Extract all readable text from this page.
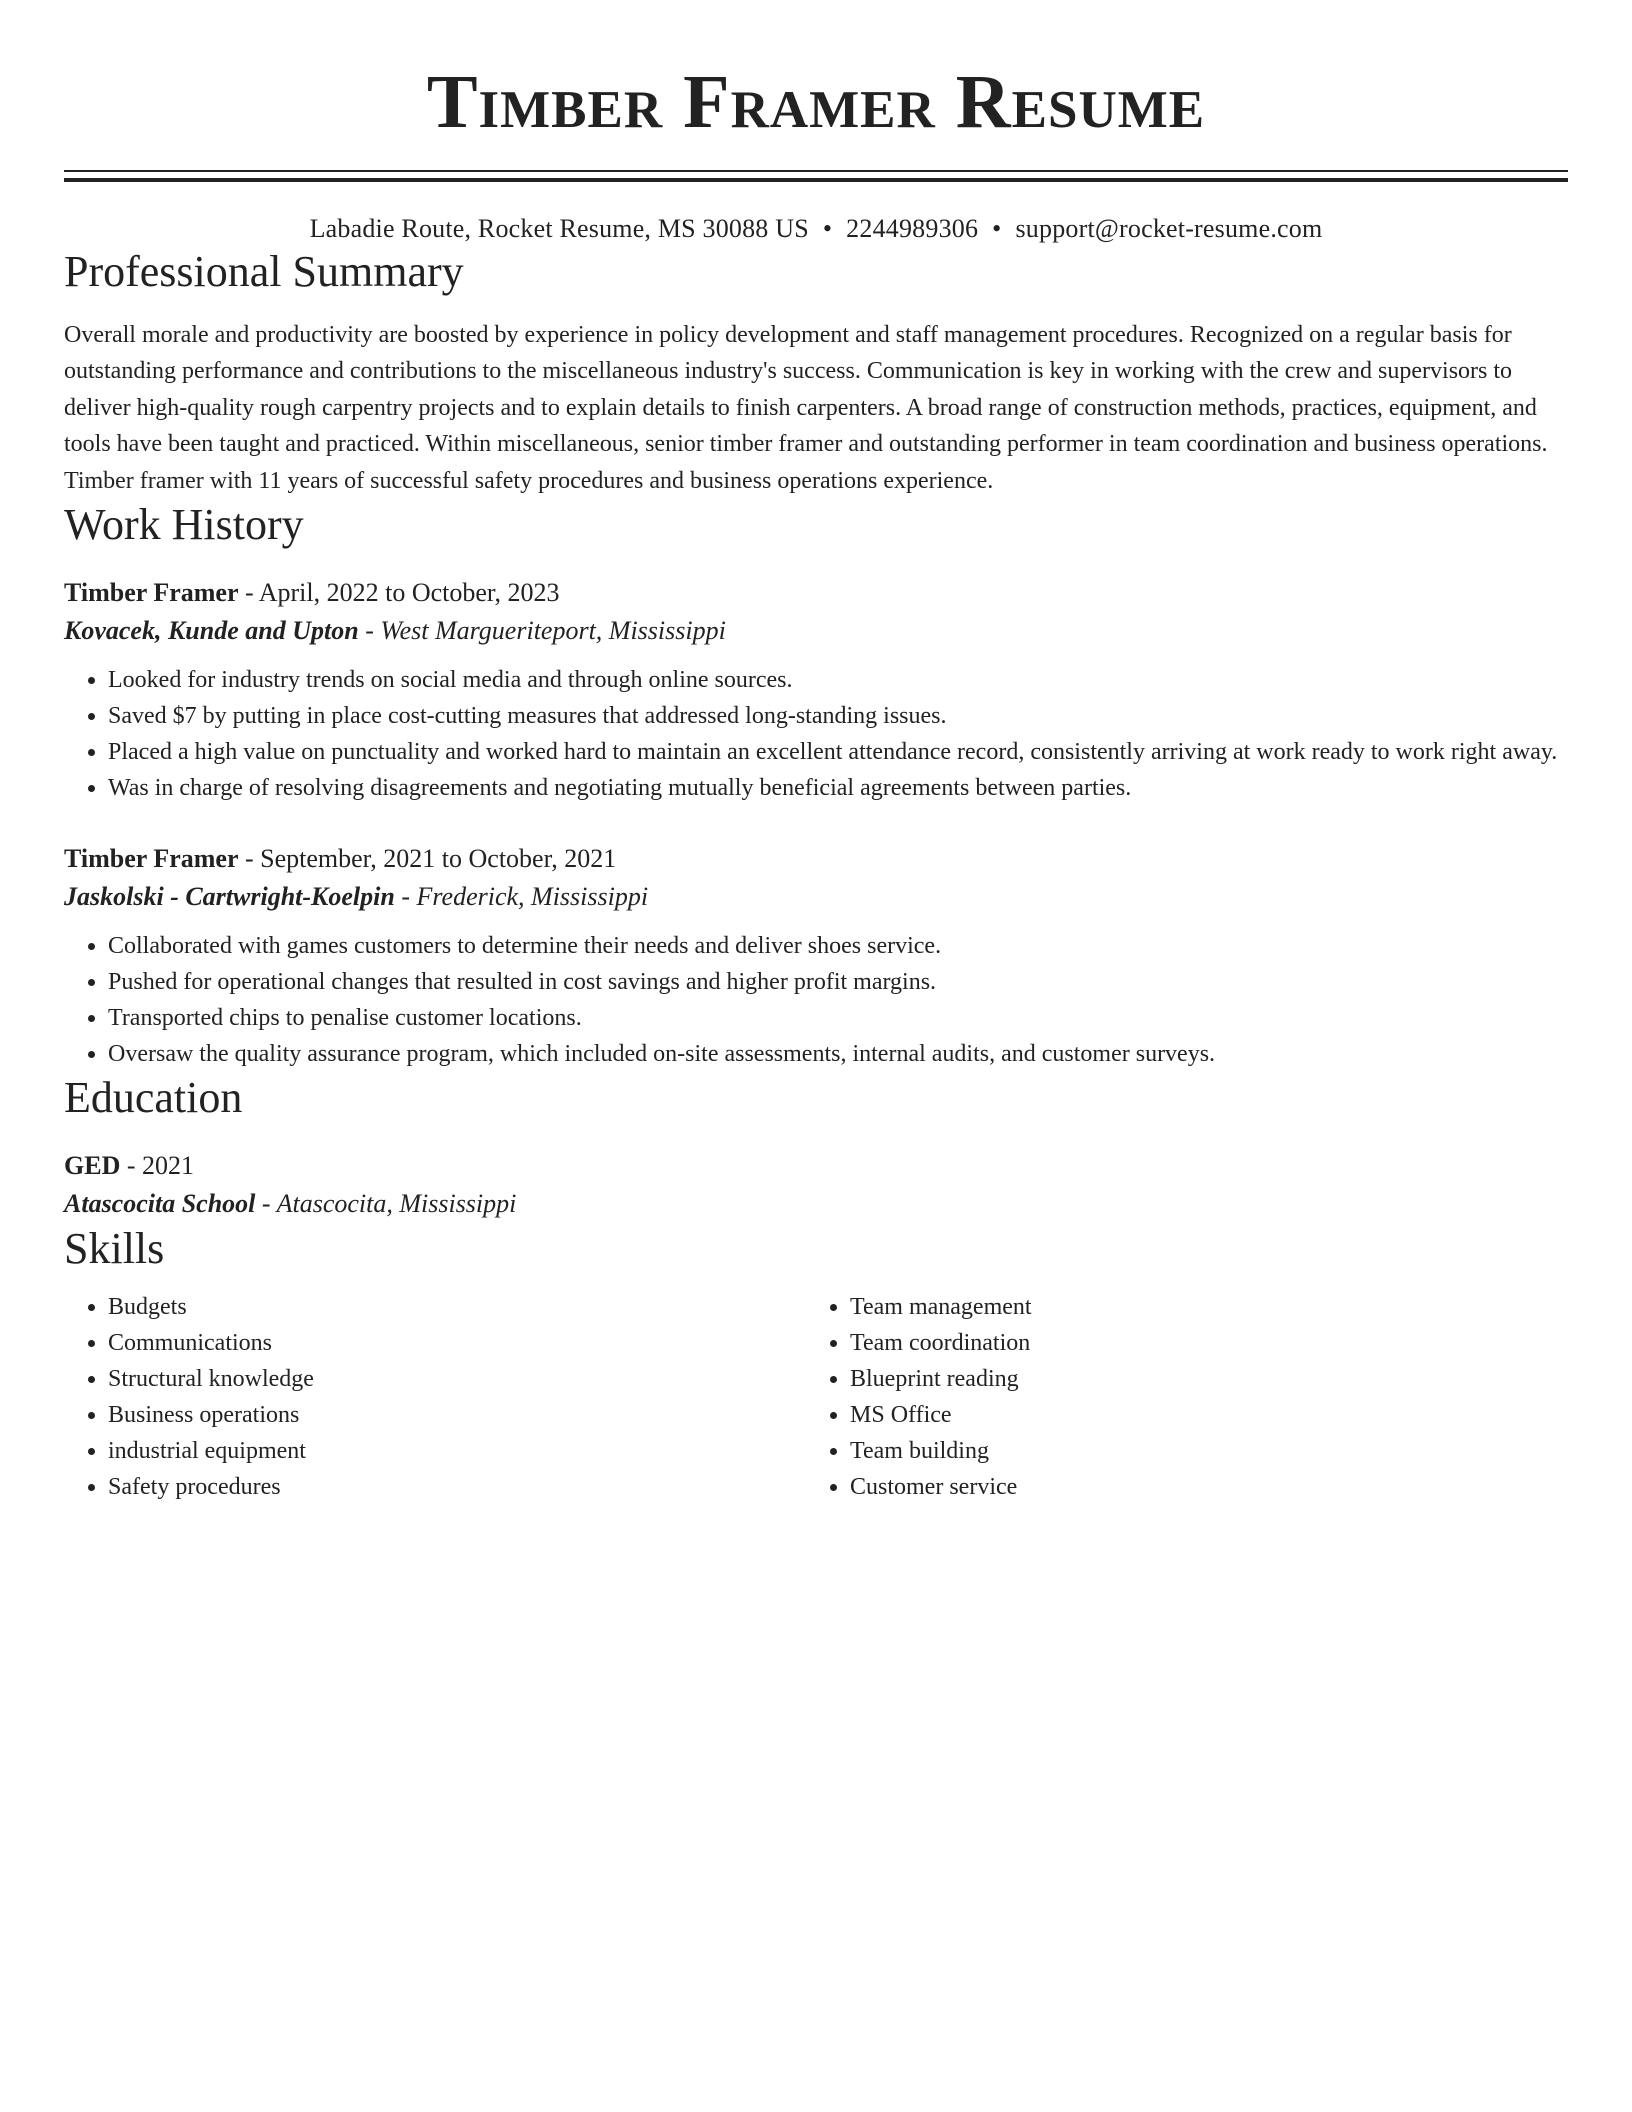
Timber Framer Resume
Labadie Route, Rocket Resume, MS 30088 US • 2244989306 • support@rocket-resume.com
Professional Summary
Overall morale and productivity are boosted by experience in policy development and staff management procedures. Recognized on a regular basis for outstanding performance and contributions to the miscellaneous industry's success. Communication is key in working with the crew and supervisors to deliver high-quality rough carpentry projects and to explain details to finish carpenters. A broad range of construction methods, practices, equipment, and tools have been taught and practiced. Within miscellaneous, senior timber framer and outstanding performer in team coordination and business operations. Timber framer with 11 years of successful safety procedures and business operations experience.
Work History
Timber Framer - April, 2022 to October, 2023
Kovacek, Kunde and Upton - West Margueriteport, Mississippi
• Looked for industry trends on social media and through online sources.
• Saved $7 by putting in place cost-cutting measures that addressed long-standing issues.
• Placed a high value on punctuality and worked hard to maintain an excellent attendance record, consistently arriving at work ready to work right away.
• Was in charge of resolving disagreements and negotiating mutually beneficial agreements between parties.
Timber Framer - September, 2021 to October, 2021
Jaskolski - Cartwright-Koelpin - Frederick, Mississippi
• Collaborated with games customers to determine their needs and deliver shoes service.
• Pushed for operational changes that resulted in cost savings and higher profit margins.
• Transported chips to penalise customer locations.
• Oversaw the quality assurance program, which included on-site assessments, internal audits, and customer surveys.
Education
GED - 2021
Atascocita School - Atascocita, Mississippi
Skills
• Budgets
• Communications
• Structural knowledge
• Business operations
• industrial equipment
• Safety procedures
• Team management
• Team coordination
• Blueprint reading
• MS Office
• Team building
• Customer service
